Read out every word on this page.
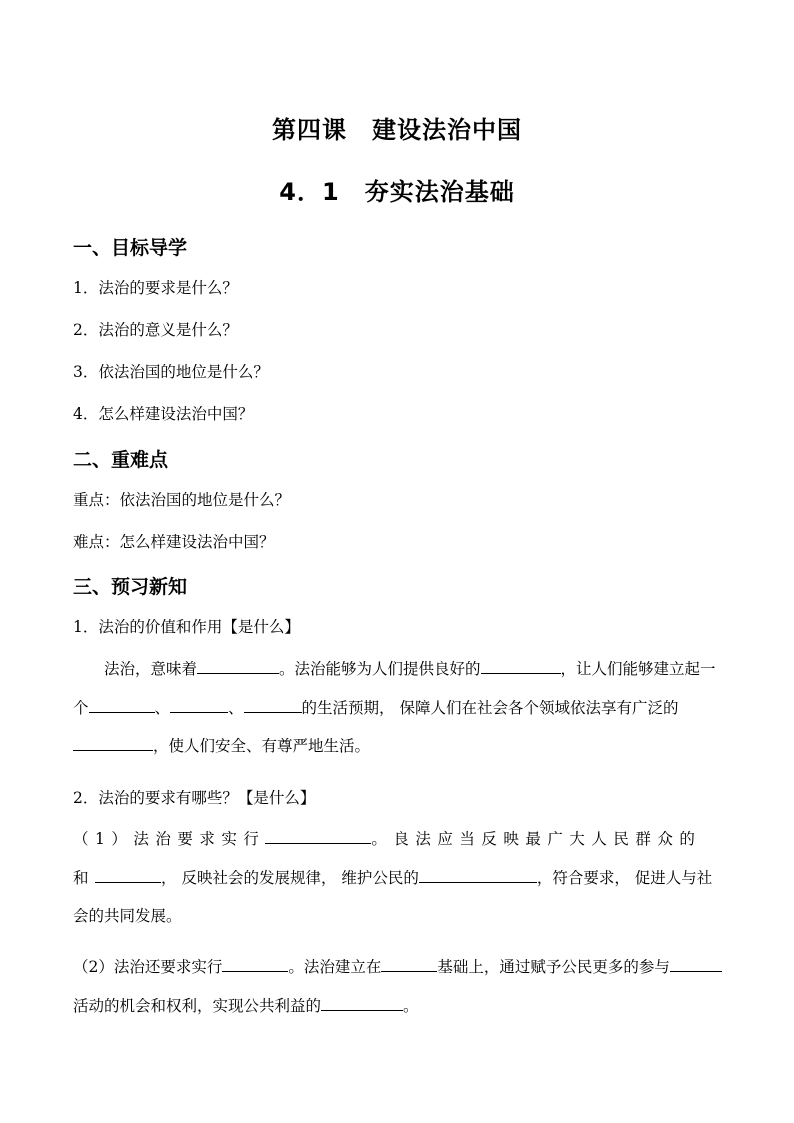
第四课　建设法治中国
4．1　夯实法治基础
一、目标导学
1．法治的要求是什么？
2．法治的意义是什么？
3．依法治国的地位是什么？
4．怎么样建设法治中国？
二、重难点
重点：依法治国的地位是什么？
难点：怎么样建设法治中国？
三、预习新知
1．法治的价值和作用【是什么】
法治，意味着	。法治能够为人们提供良好的	，让人们能够建立起一个	、	、	的生活预期， 保障人们在社会各个领域依法享有广泛的，使人们安全、有尊严地生活。
2．法治的要求有哪些？【是什么】
（1）法治要求实行	。良法应当反映最广大人民群众的和	， 反映社会的发展规律， 维护公民的	，符合要求， 促进人与社会的共同发展。
（2）法治还要求实行	。法治建立在	基础上，通过赋予公民更多的参与活动的机会和权利，实现公共利益的	。
